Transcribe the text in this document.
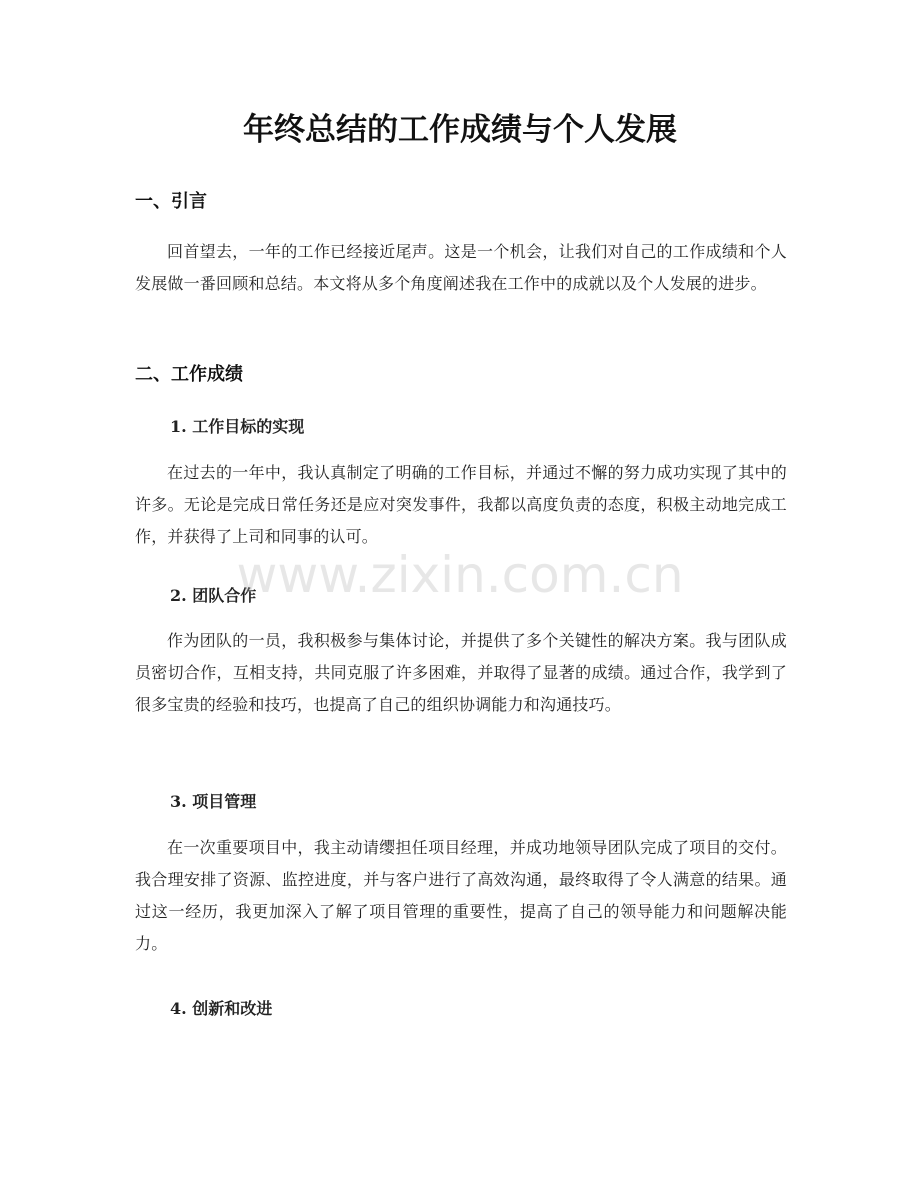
年终总结的工作成绩与个人发展
一、引言

回首望去，一年的工作已经接近尾声。这是一个机会，让我们对自己的工作成绩和个人发展做一番回顾和总结。本文将从多个角度阐述我在工作中的成就以及个人发展的进步。

二、工作成绩
1. 工作目标的实现

在过去的一年中，我认真制定了明确的工作目标，并通过不懈的努力成功实现了其中的许多。无论是完成日常任务还是应对突发事件，我都以高度负责的态度，积极主动地完成工作，并获得了上司和同事的认可。

2. 团队合作

作为团队的一员，我积极参与集体讨论，并提供了多个关键性的解决方案。我与团队成员密切合作，互相支持，共同克服了许多困难，并取得了显著的成绩。通过合作，我学到了很多宝贵的经验和技巧，也提高了自己的组织协调能力和沟通技巧。

3. 项目管理

在一次重要项目中，我主动请缨担任项目经理，并成功地领导团队完成了项目的交付。我合理安排了资源、监控进度，并与客户进行了高效沟通，最终取得了令人满意的结果。通过这一经历，我更加深入了解了项目管理的重要性，提高了自己的领导能力和问题解决能力。

4. 创新和改进
www.zixin.com.cn
